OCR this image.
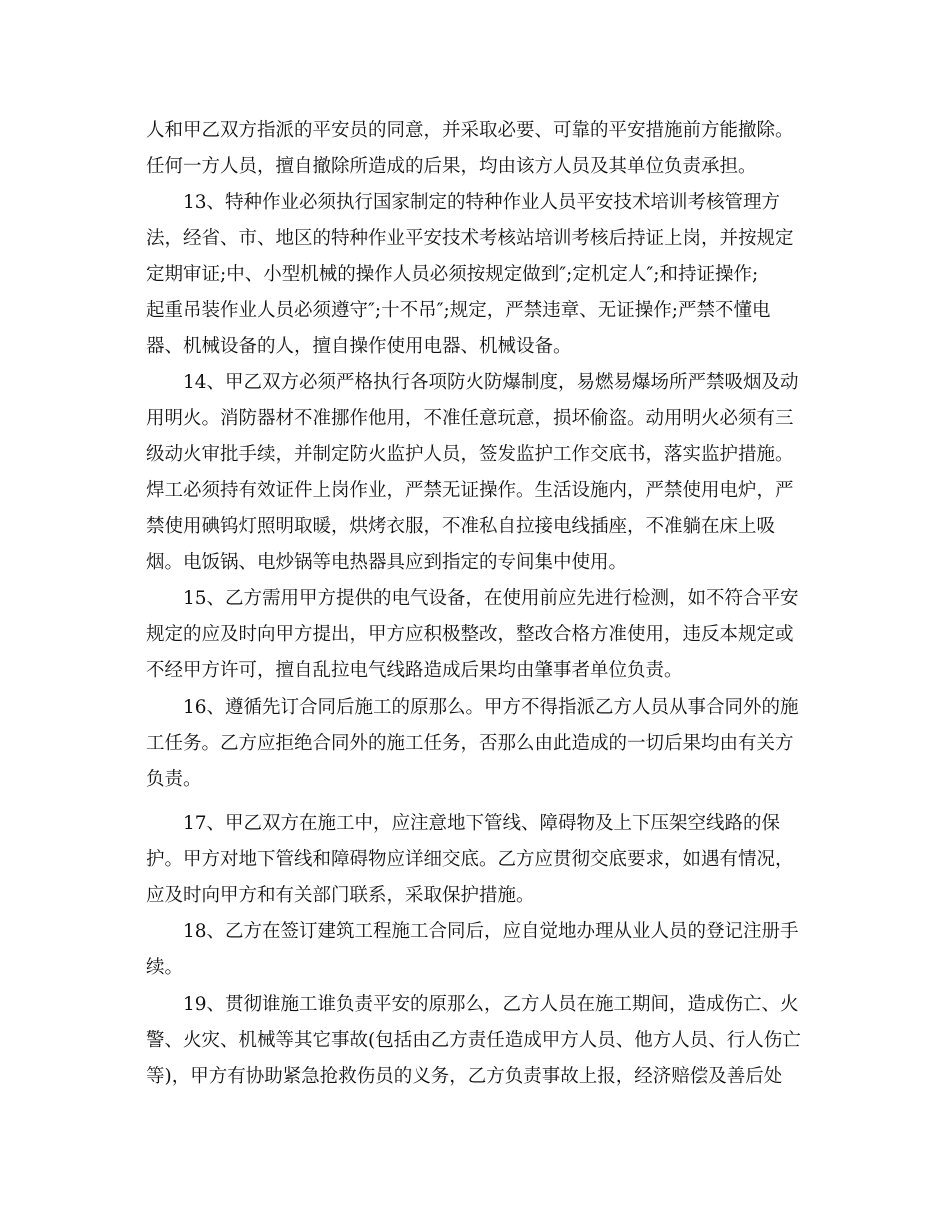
人和甲乙双方指派的平安员的同意，并采取必要、可靠的平安措施前方能撤除。
任何一方人员，擅自撤除所造成的后果，均由该方人员及其单位负责承担。
13、特种作业必须执行国家制定的特种作业人员平安技术培训考核管理方
法，经省、市、地区的特种作业平安技术考核站培训考核后持证上岗，并按规定
定期审证;中、小型机械的操作人员必须按规定做到″;定机定人″;和持证操作;
起重吊装作业人员必须遵守″;十不吊″;规定，严禁违章、无证操作;严禁不懂电
器、机械设备的人，擅自操作使用电器、机械设备。
14、甲乙双方必须严格执行各项防火防爆制度，易燃易爆场所严禁吸烟及动
用明火。消防器材不准挪作他用，不准任意玩意，损坏偷盗。动用明火必须有三
级动火审批手续，并制定防火监护人员，签发监护工作交底书，落实监护措施。
焊工必须持有效证件上岗作业，严禁无证操作。生活设施内，严禁使用电炉，严
禁使用碘钨灯照明取暖，烘烤衣服，不准私自拉接电线插座，不准躺在床上吸
烟。电饭锅、电炒锅等电热器具应到指定的专间集中使用。
15、乙方需用甲方提供的电气设备，在使用前应先进行检测，如不符合平安
规定的应及时向甲方提出，甲方应积极整改，整改合格方准使用，违反本规定或
不经甲方许可，擅自乱拉电气线路造成后果均由肇事者单位负责。
16、遵循先订合同后施工的原那么。甲方不得指派乙方人员从事合同外的施
工任务。乙方应拒绝合同外的施工任务，否那么由此造成的一切后果均由有关方
负责。
17、甲乙双方在施工中，应注意地下管线、障碍物及上下压架空线路的保
护。甲方对地下管线和障碍物应详细交底。乙方应贯彻交底要求，如遇有情况，
应及时向甲方和有关部门联系，采取保护措施。
18、乙方在签订建筑工程施工合同后，应自觉地办理从业人员的登记注册手
续。
19、贯彻谁施工谁负责平安的原那么，乙方人员在施工期间，造成伤亡、火
警、火灾、机械等其它事故(包括由乙方责任造成甲方人员、他方人员、行人伤亡
等)，甲方有协助紧急抢救伤员的义务，乙方负责事故上报，经济赔偿及善后处
